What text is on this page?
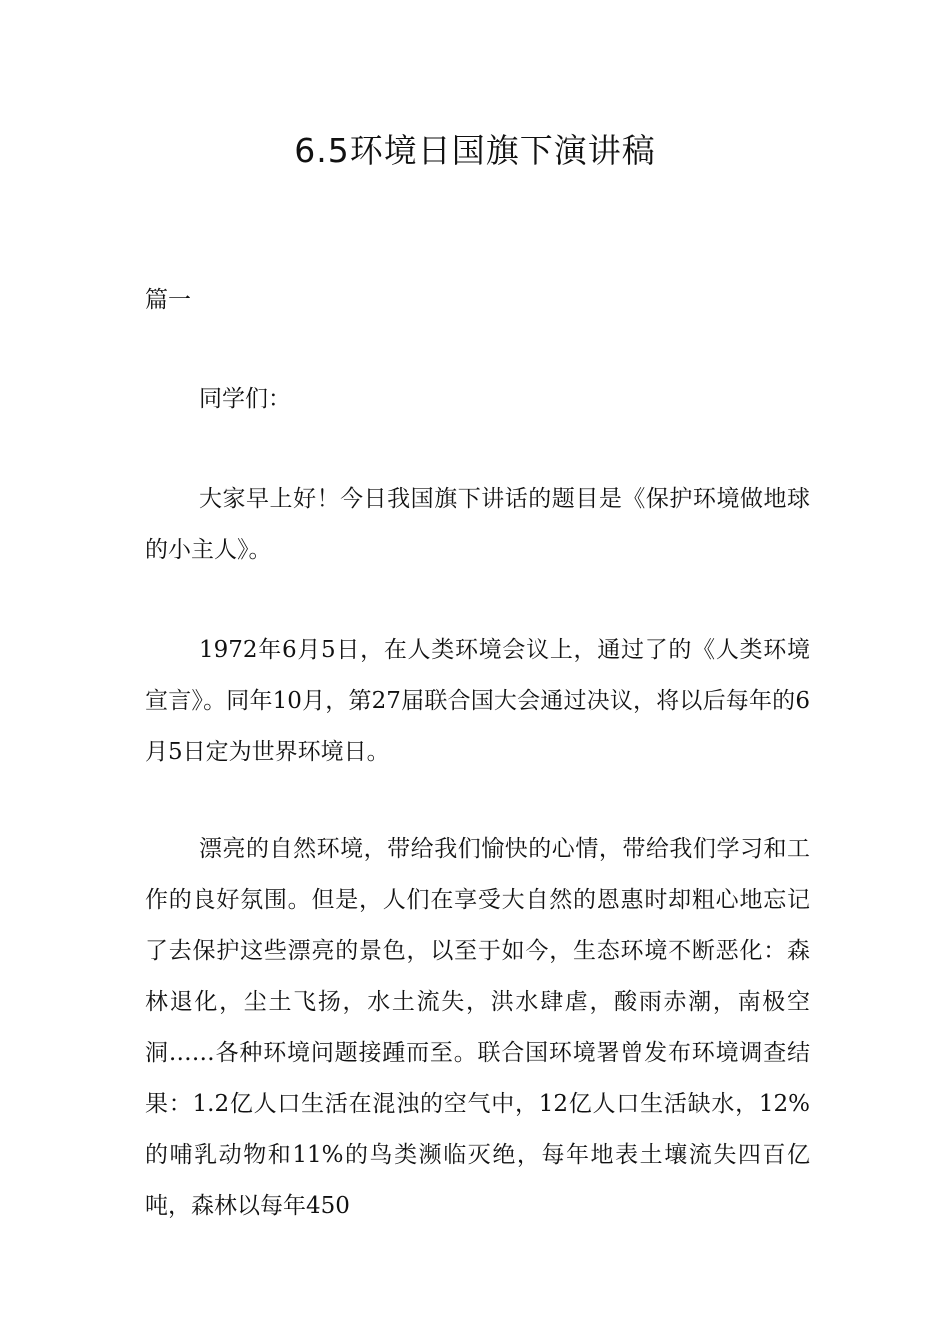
6.5环境日国旗下演讲稿

篇一

同学们：

大家早上好！今日我国旗下讲话的题目是《保护环境做地球的小主人》。

1972年6月5日，在人类环境会议上，通过了的《人类环境宣言》。同年10月，第27届联合国大会通过决议，将以后每年的6月5日定为世界环境日。

漂亮的自然环境，带给我们愉快的心情，带给我们学习和工作的良好氛围。但是，人们在享受大自然的恩惠时却粗心地忘记了去保护这些漂亮的景色，以至于如今，生态环境不断恶化：森林退化，尘土飞扬，水土流失，洪水肆虐，酸雨赤潮，南极空洞……各种环境问题接踵而至。联合国环境署曾发布环境调查结果：1.2亿人口生活在混浊的空气中，12亿人口生活缺水，12%的哺乳动物和11%的鸟类濒临灭绝，每年地表土壤流失四百亿吨，森林以每年450
